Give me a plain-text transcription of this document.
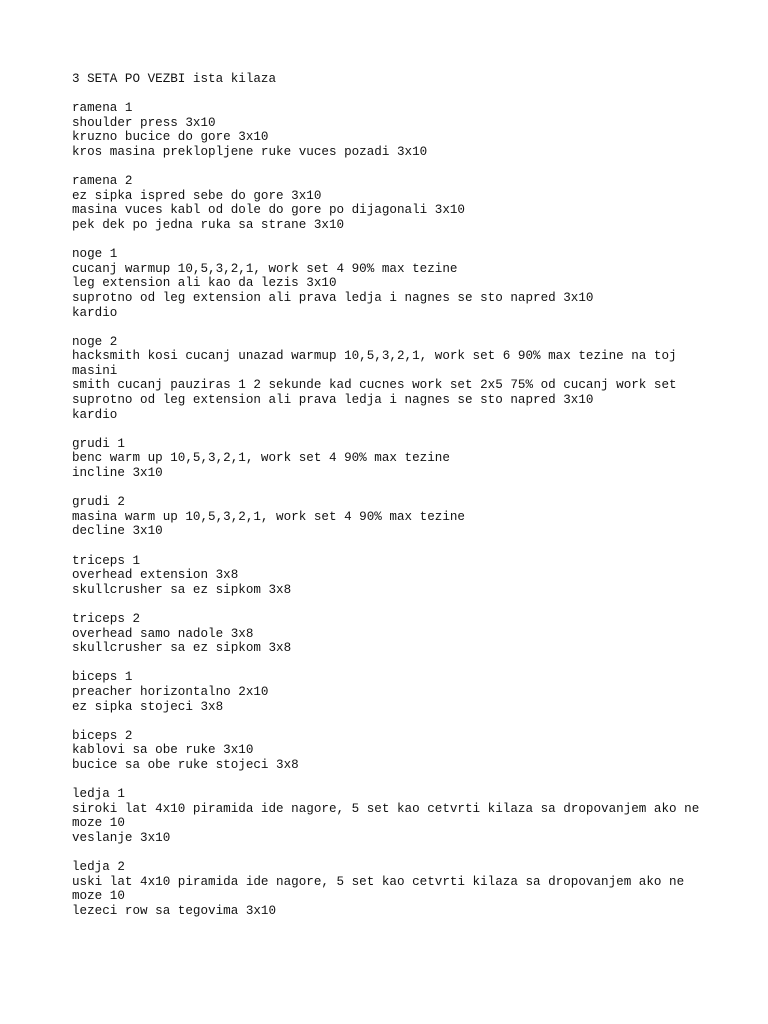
3 SETA PO VEZBI ista kilaza
ramena 1
shoulder press 3x10
kruzno bucice do gore 3x10
kros masina preklopljene ruke vuces pozadi 3x10
ramena 2
ez sipka ispred sebe do gore 3x10
masina vuces kabl od dole do gore po dijagonali 3x10
pek dek po jedna ruka sa strane 3x10
noge 1
cucanj warmup 10,5,3,2,1, work set 4 90% max tezine
leg extension ali kao da lezis 3x10
suprotno od leg extension ali prava ledja i nagnes se sto napred 3x10
kardio
noge 2
hacksmith kosi cucanj unazad warmup 10,5,3,2,1, work set 6 90% max tezine na toj
masini
smith cucanj pauziras 1 2 sekunde kad cucnes work set 2x5 75% od cucanj work set
suprotno od leg extension ali prava ledja i nagnes se sto napred 3x10
kardio
grudi 1
benc warm up 10,5,3,2,1, work set 4 90% max tezine
incline 3x10
grudi 2
masina warm up 10,5,3,2,1, work set 4 90% max tezine
decline 3x10
triceps 1
overhead extension 3x8
skullcrusher sa ez sipkom 3x8
triceps 2
overhead samo nadole 3x8
skullcrusher sa ez sipkom 3x8
biceps 1
preacher horizontalno 2x10
ez sipka stojeci 3x8
biceps 2
kablovi sa obe ruke 3x10
bucice sa obe ruke stojeci 3x8
ledja 1
siroki lat 4x10 piramida ide nagore, 5 set kao cetvrti kilaza sa dropovanjem ako ne
moze 10
veslanje 3x10
ledja 2
uski lat 4x10 piramida ide nagore, 5 set kao cetvrti kilaza sa dropovanjem ako ne
moze 10
lezeci row sa tegovima 3x10
